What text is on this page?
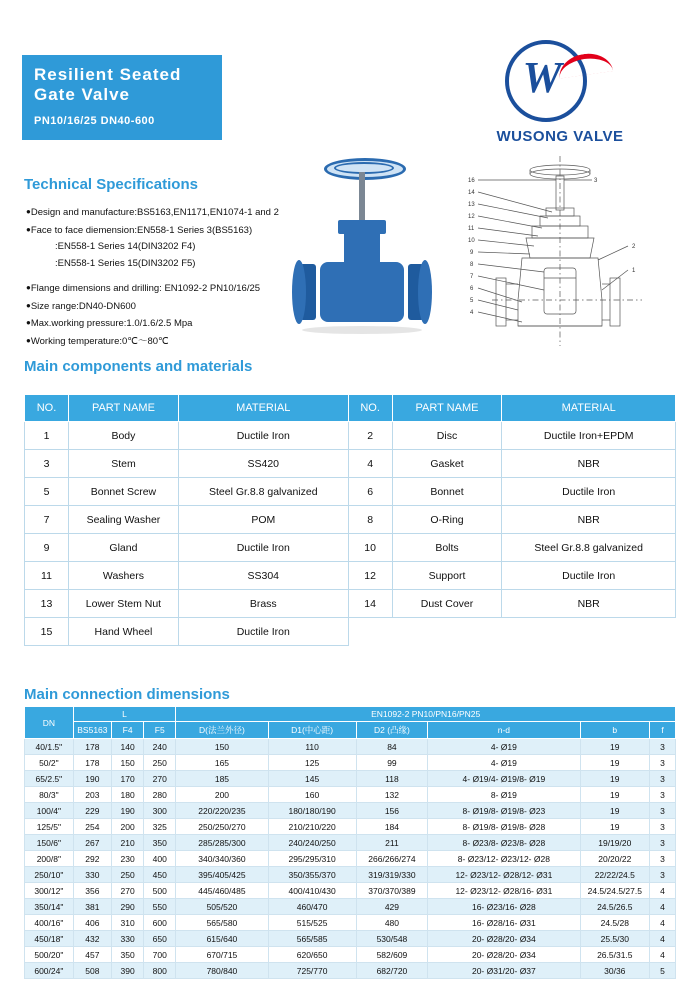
Resilient Seated
Gate Valve
PN10/16/25 DN40-600
W
WUSONG VALVE
Technical Specifications
●Design and manufacture:BS5163,EN1171,EN1074-1 and 2
●Face to face diemension:EN558-1 Series 3(BS5163)
:EN558-1 Series 14(DIN3202 F4)
:EN558-1 Series 15(DIN3202 F5)
●Flange dimensions and drilling: EN1092-2 PN10/16/25
●Size range:DN40-DN600
●Max.working pressure:1.0/1.6/2.5 Mpa
●Working temperature:0℃～80℃
16
14
13
12
11
10
9
8
7
6
5
4
3
2
1
Main components and materials
NO.	PART NAME	MATERIAL	NO.	PART NAME	MATERIAL
1	Body	Ductile Iron	2	Disc	Ductile Iron+EPDM
3	Stem	SS420	4	Gasket	NBR
5	Bonnet Screw	Steel Gr.8.8 galvanized	6	Bonnet	Ductile Iron
7	Sealing Washer	POM	8	O-Ring	NBR
9	Gland	Ductile Iron	10	Bolts	Steel Gr.8.8 galvanized
11	Washers	SS304	12	Support	Ductile Iron
13	Lower Stem Nut	Brass	14	Dust Cover	NBR
15	Hand Wheel	Ductile Iron			
Main connection dimensions
DN	L			EN1092-2 PN10/PN16/PN25					
	BS5163	F4	F5	D(法兰外径)	D1(中心距)	D2 (凸缘)	n-d	b	f
40/1.5"	178	140	240	150	110	84	4- Ø19	19	3
50/2"	178	150	250	165	125	99	4- Ø19	19	3
65/2.5"	190	170	270	185	145	118	4- Ø19/4- Ø19/8- Ø19	19	3
80/3"	203	180	280	200	160	132	8- Ø19	19	3
100/4"	229	190	300	220/220/235	180/180/190	156	8- Ø19/8- Ø19/8- Ø23	19	3
125/5"	254	200	325	250/250/270	210/210/220	184	8- Ø19/8- Ø19/8- Ø28	19	3
150/6"	267	210	350	285/285/300	240/240/250	211	8- Ø23/8- Ø23/8- Ø28	19/19/20	3
200/8"	292	230	400	340/340/360	295/295/310	266/266/274	8- Ø23/12- Ø23/12- Ø28	20/20/22	3
250/10"	330	250	450	395/405/425	350/355/370	319/319/330	12- Ø23/12- Ø28/12- Ø31	22/22/24.5	3
300/12"	356	270	500	445/460/485	400/410/430	370/370/389	12- Ø23/12- Ø28/16- Ø31	24.5/24.5/27.5	4
350/14"	381	290	550	505/520	460/470	429	16- Ø23/16- Ø28	24.5/26.5	4
400/16"	406	310	600	565/580	515/525	480	16- Ø28/16- Ø31	24.5/28	4
450/18"	432	330	650	615/640	565/585	530/548	20- Ø28/20- Ø34	25.5/30	4
500/20"	457	350	700	670/715	620/650	582/609	20- Ø28/20- Ø34	26.5/31.5	4
600/24"	508	390	800	780/840	725/770	682/720	20- Ø31/20- Ø37	30/36	5
